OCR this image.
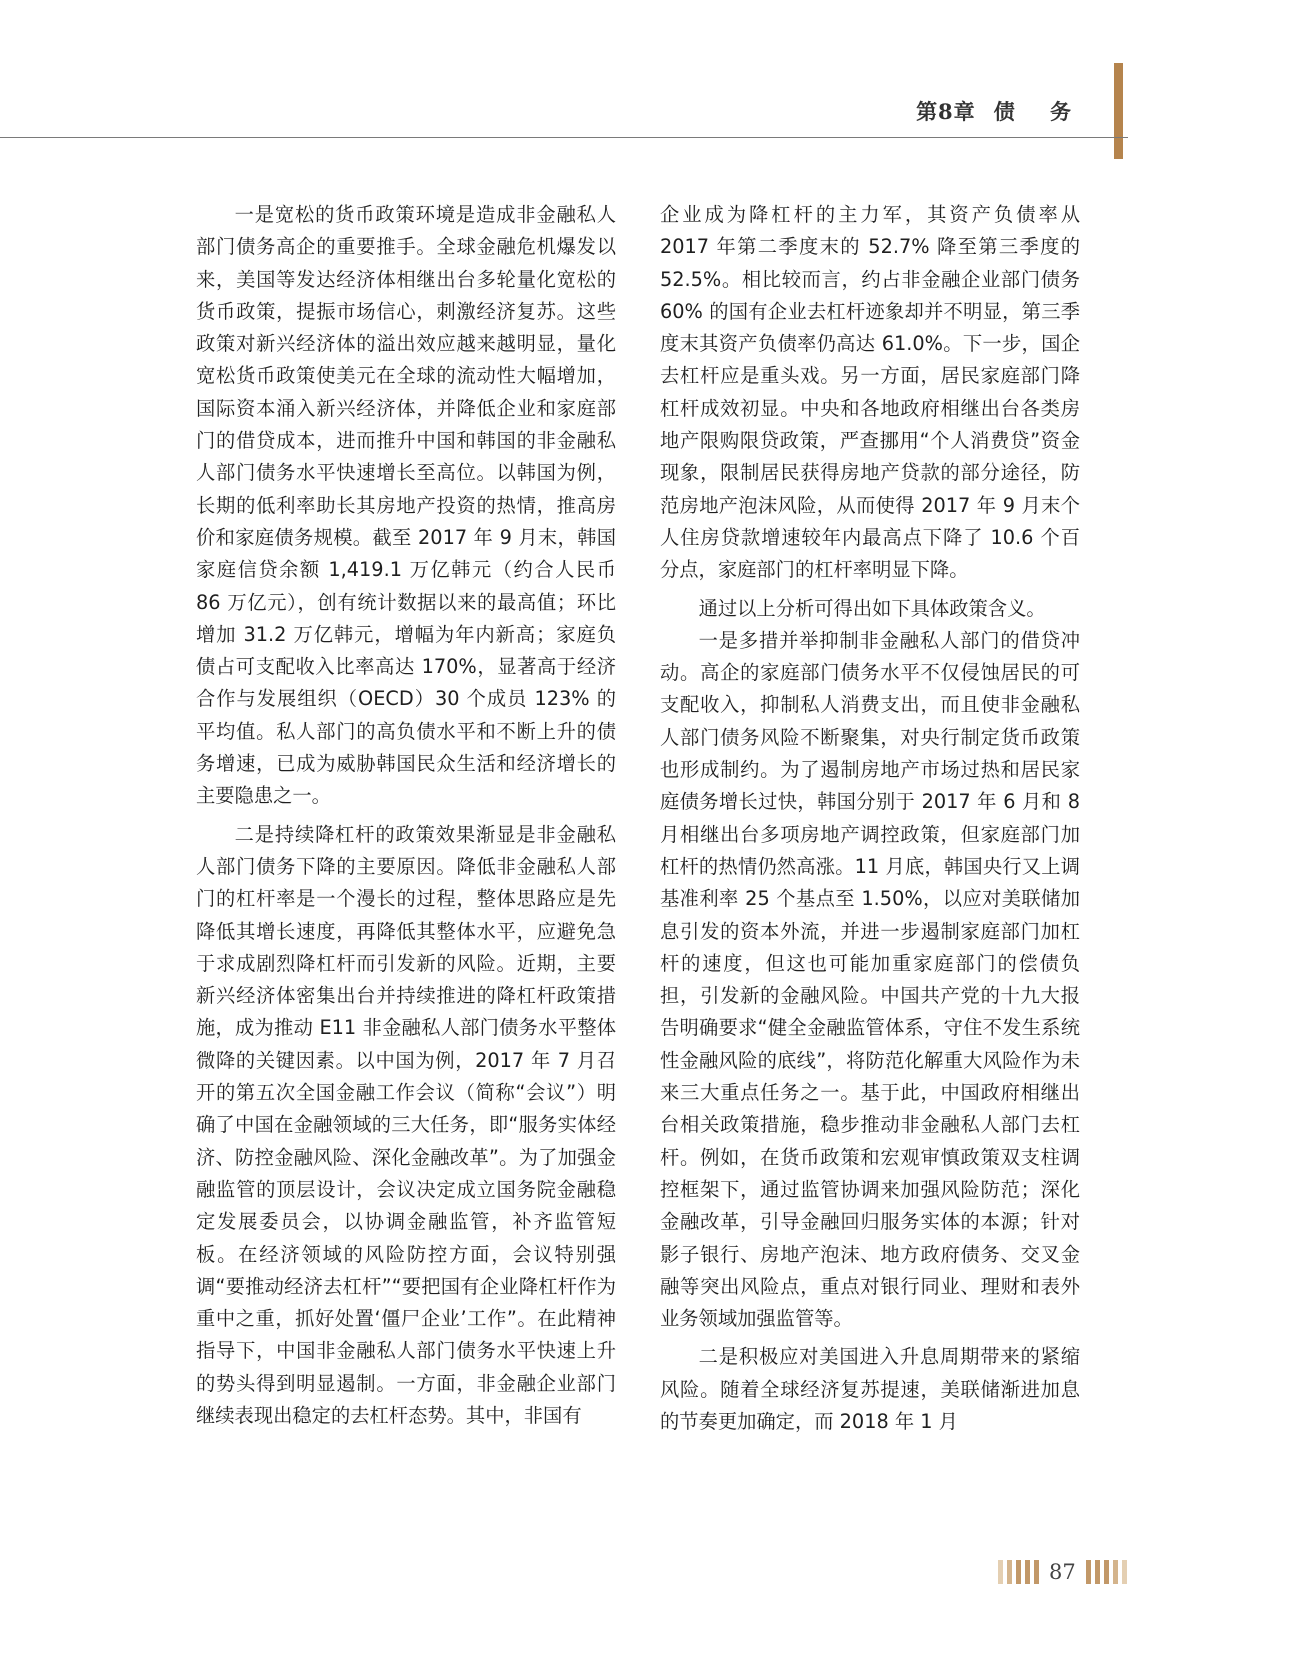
第8章 债 务

一是宽松的货币政策环境是造成非金融私人部门债务高企的重要推手。全球金融危机爆发以来，美国等发达经济体相继出台多轮量化宽松的货币政策，提振市场信心，刺激经济复苏。这些政策对新兴经济体的溢出效应越来越明显，量化宽松货币政策使美元在全球的流动性大幅增加，国际资本涌入新兴经济体，并降低企业和家庭部门的借贷成本，进而推升中国和韩国的非金融私人部门债务水平快速增长至高位。以韩国为例，长期的低利率助长其房地产投资的热情，推高房价和家庭债务规模。截至 2017 年 9 月末，韩国家庭信贷余额 1,419.1 万亿韩元（约合人民币 86 万亿元），创有统计数据以来的最高值；环比增加 31.2 万亿韩元，增幅为年内新高；家庭负债占可支配收入比率高达 170%，显著高于经济合作与发展组织（OECD）30 个成员 123% 的平均值。私人部门的高负债水平和不断上升的债务增速，已成为威胁韩国民众生活和经济增长的主要隐患之一。

二是持续降杠杆的政策效果渐显是非金融私人部门债务下降的主要原因。降低非金融私人部门的杠杆率是一个漫长的过程，整体思路应是先降低其增长速度，再降低其整体水平，应避免急于求成剧烈降杠杆而引发新的风险。近期，主要新兴经济体密集出台并持续推进的降杠杆政策措施，成为推动 E11 非金融私人部门债务水平整体微降的关键因素。以中国为例，2017 年 7 月召开的第五次全国金融工作会议（简称“会议”）明确了中国在金融领域的三大任务，即“服务实体经济、防控金融风险、深化金融改革”。为了加强金融监管的顶层设计，会议决定成立国务院金融稳定发展委员会，以协调金融监管，补齐监管短板。在经济领域的风险防控方面，会议特别强调“要推动经济去杠杆”“要把国有企业降杠杆作为重中之重，抓好处置‘僵尸企业’工作”。在此精神指导下，中国非金融私人部门债务水平快速上升的势头得到明显遏制。一方面，非金融企业部门继续表现出稳定的去杠杆态势。其中，非国有

企业成为降杠杆的主力军，其资产负债率从 2017 年第二季度末的 52.7% 降至第三季度的 52.5%。相比较而言，约占非金融企业部门债务 60% 的国有企业去杠杆迹象却并不明显，第三季度末其资产负债率仍高达 61.0%。下一步，国企去杠杆应是重头戏。另一方面，居民家庭部门降杠杆成效初显。中央和各地政府相继出台各类房地产限购限贷政策，严查挪用“个人消费贷”资金现象，限制居民获得房地产贷款的部分途径，防范房地产泡沫风险，从而使得 2017 年 9 月末个人住房贷款增速较年内最高点下降了 10.6 个百分点，家庭部门的杠杆率明显下降。

通过以上分析可得出如下具体政策含义。

一是多措并举抑制非金融私人部门的借贷冲动。高企的家庭部门债务水平不仅侵蚀居民的可支配收入，抑制私人消费支出，而且使非金融私人部门债务风险不断聚集，对央行制定货币政策也形成制约。为了遏制房地产市场过热和居民家庭债务增长过快，韩国分别于 2017 年 6 月和 8 月相继出台多项房地产调控政策，但家庭部门加杠杆的热情仍然高涨。11 月底，韩国央行又上调基准利率 25 个基点至 1.50%，以应对美联储加息引发的资本外流，并进一步遏制家庭部门加杠杆的速度，但这也可能加重家庭部门的偿债负担，引发新的金融风险。中国共产党的十九大报告明确要求“健全金融监管体系，守住不发生系统性金融风险的底线”，将防范化解重大风险作为未来三大重点任务之一。基于此，中国政府相继出台相关政策措施，稳步推动非金融私人部门去杠杆。例如，在货币政策和宏观审慎政策双支柱调控框架下，通过监管协调来加强风险防范；深化金融改革，引导金融回归服务实体的本源；针对影子银行、房地产泡沫、地方政府债务、交叉金融等突出风险点，重点对银行同业、理财和表外业务领域加强监管等。

二是积极应对美国进入升息周期带来的紧缩风险。随着全球经济复苏提速，美联储渐进加息的节奏更加确定，而 2018 年 1 月

87
